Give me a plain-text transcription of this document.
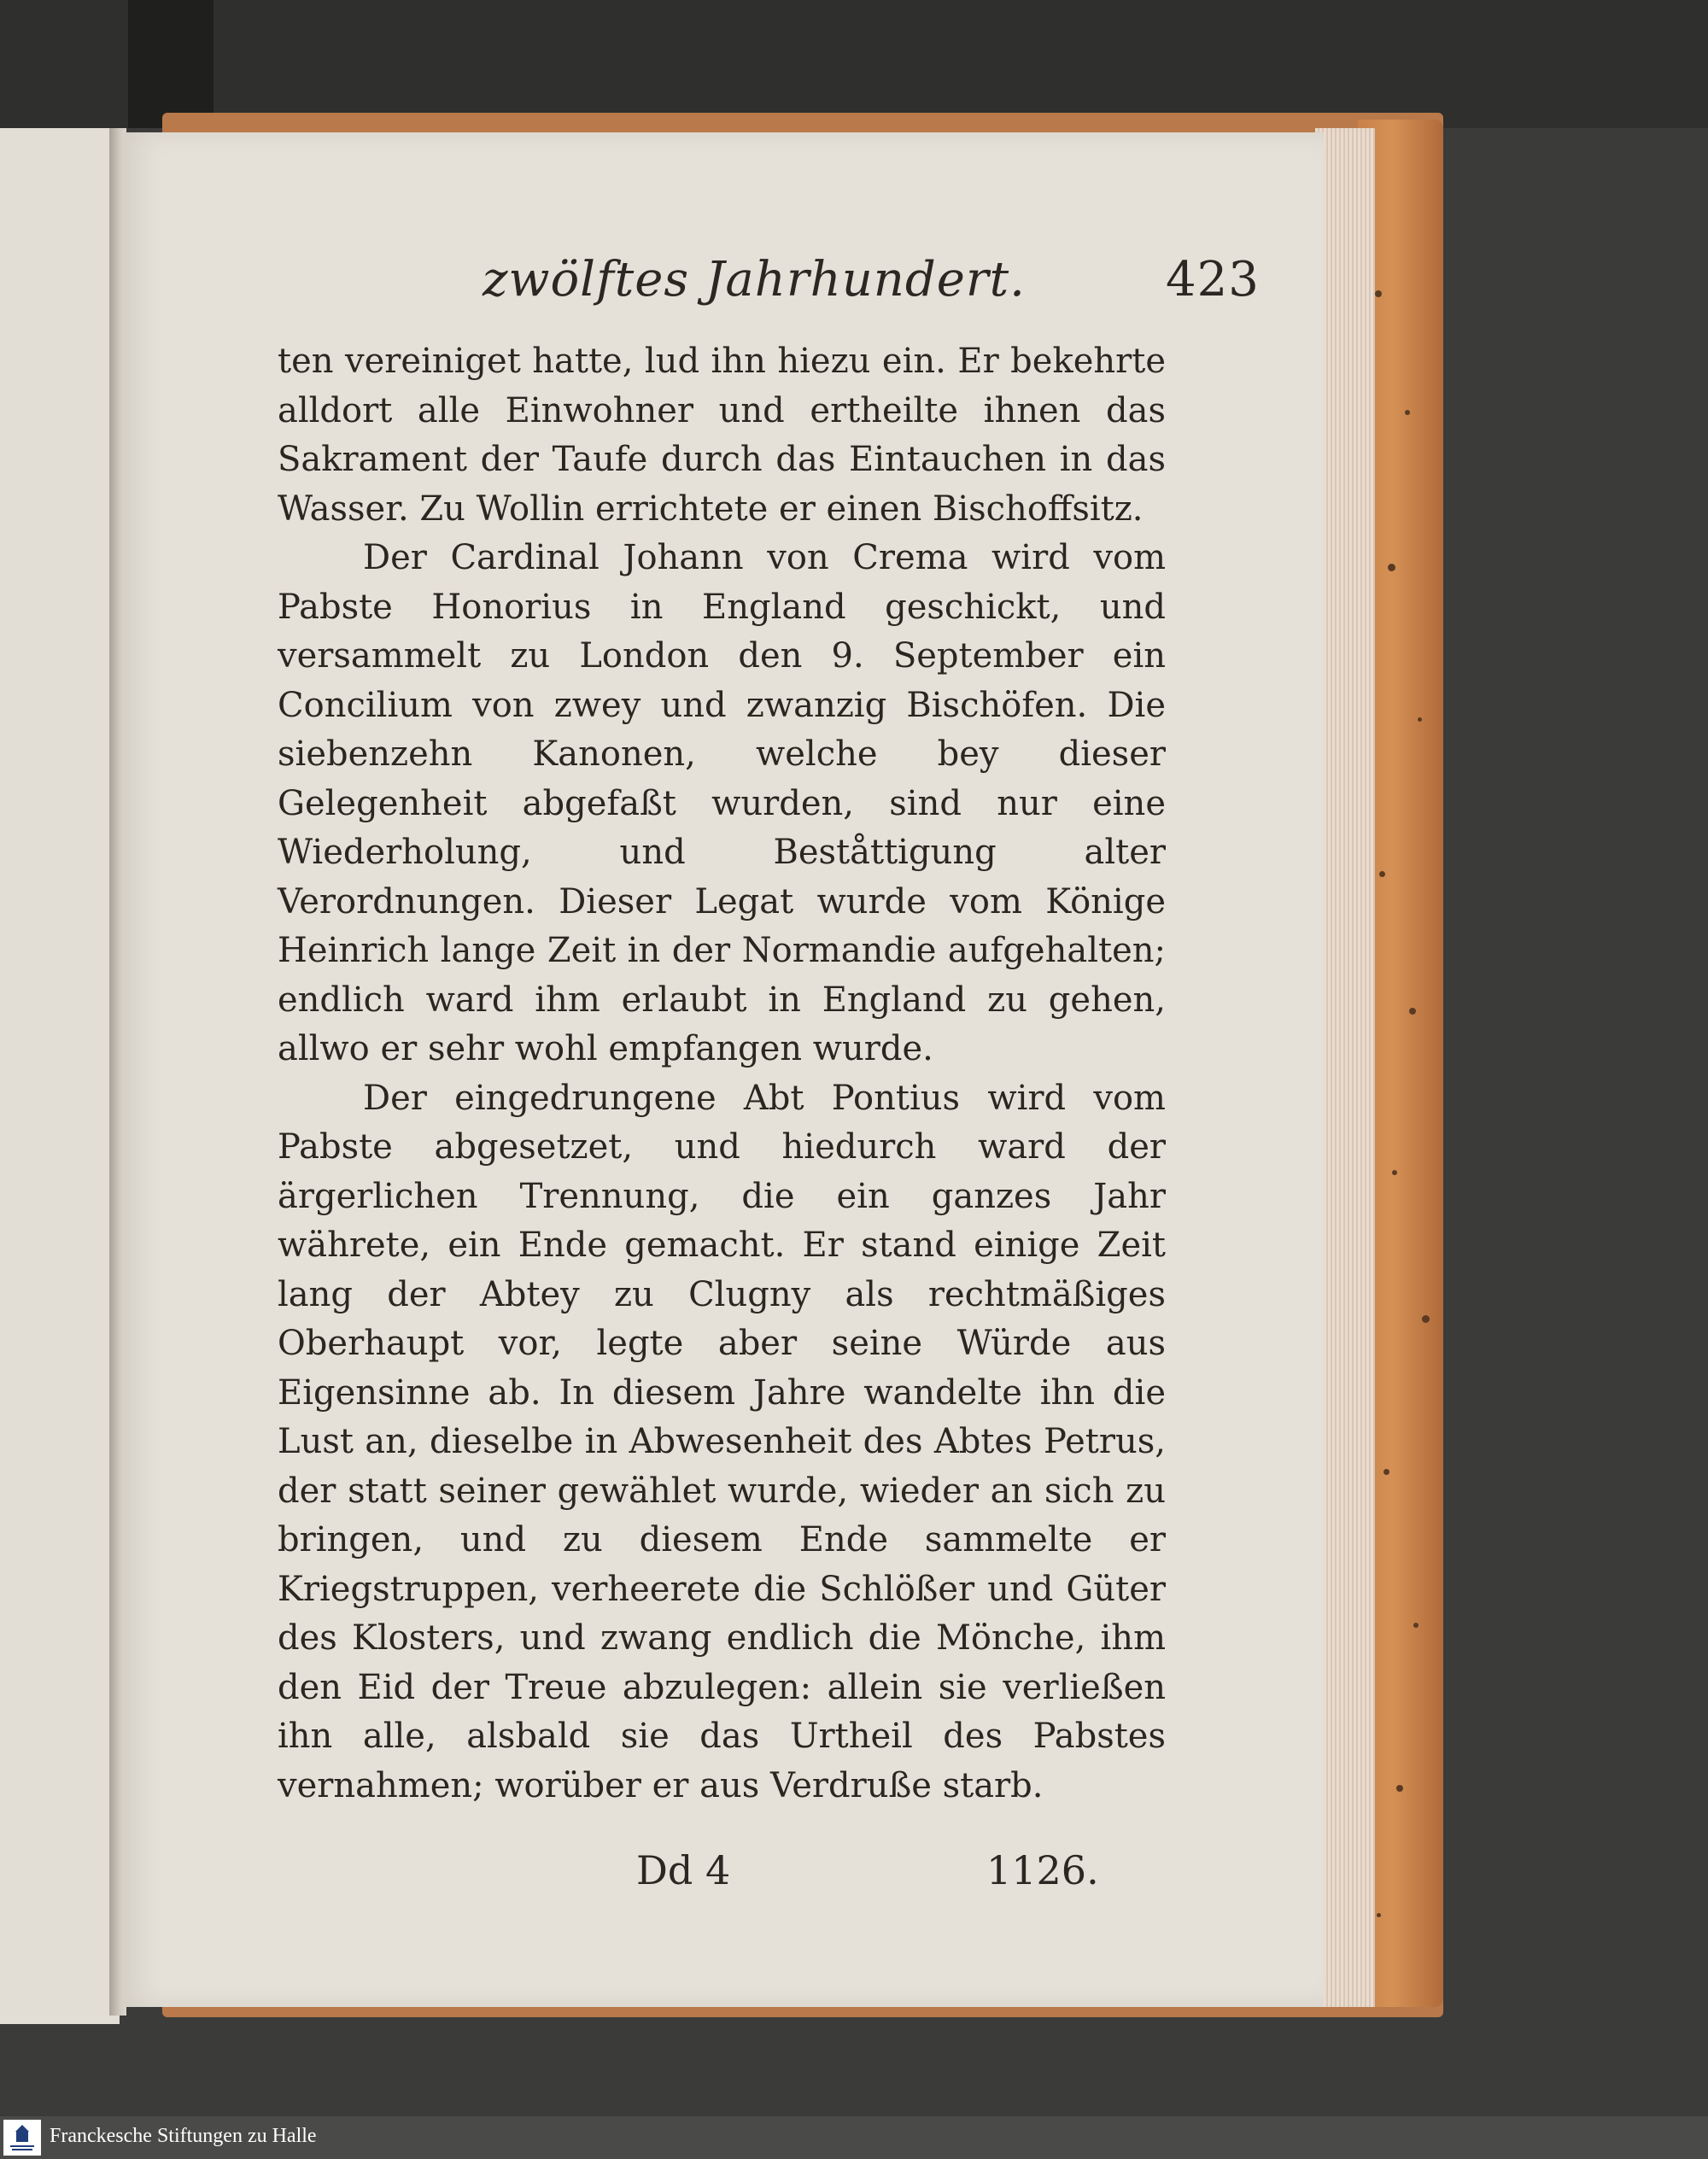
zwölftes Jahrhundert.	423

ten vereiniget hatte, lud ihn hiezu ein. Er bekehrte alldort alle Einwohner und ertheilte ihnen das Sakrament der Taufe durch das Eintauchen in das Wasser. Zu Wollin errichtete er einen Bischoffsitz.

Der Cardinal Johann von Crema wird vom Pabste Honorius in England geschickt, und versammelt zu London den 9. September ein Concilium von zwey und zwanzig Bischöfen. Die siebenzehn Kanonen, welche bey dieser Gelegenheit abgefaßt wurden, sind nur eine Wiederholung, und Beståttigung alter Verordnungen. Dieser Legat wurde vom Könige Heinrich lange Zeit in der Normandie aufgehalten; endlich ward ihm erlaubt in England zu gehen, allwo er sehr wohl empfangen wurde.

Der eingedrungene Abt Pontius wird vom Pabste abgesetzet, und hiedurch ward der ärgerlichen Trennung, die ein ganzes Jahr währete, ein Ende gemacht. Er stand einige Zeit lang der Abtey zu Clugny als rechtmäßiges Oberhaupt vor, legte aber seine Würde aus Eigensinne ab. In diesem Jahre wandelte ihn die Lust an, dieselbe in Abwesenheit des Abtes Petrus, der statt seiner gewählet wurde, wieder an sich zu bringen, und zu diesem Ende sammelte er Kriegstruppen, verheerete die Schlößer und Güter des Klosters, und zwang endlich die Mönche, ihm den Eid der Treue abzulegen: allein sie verließen ihn alle, alsbald sie das Urtheil des Pabstes vernahmen; worüber er aus Verdruße starb.

Dd 4	1126.
Franckesche Stiftungen zu Halle
